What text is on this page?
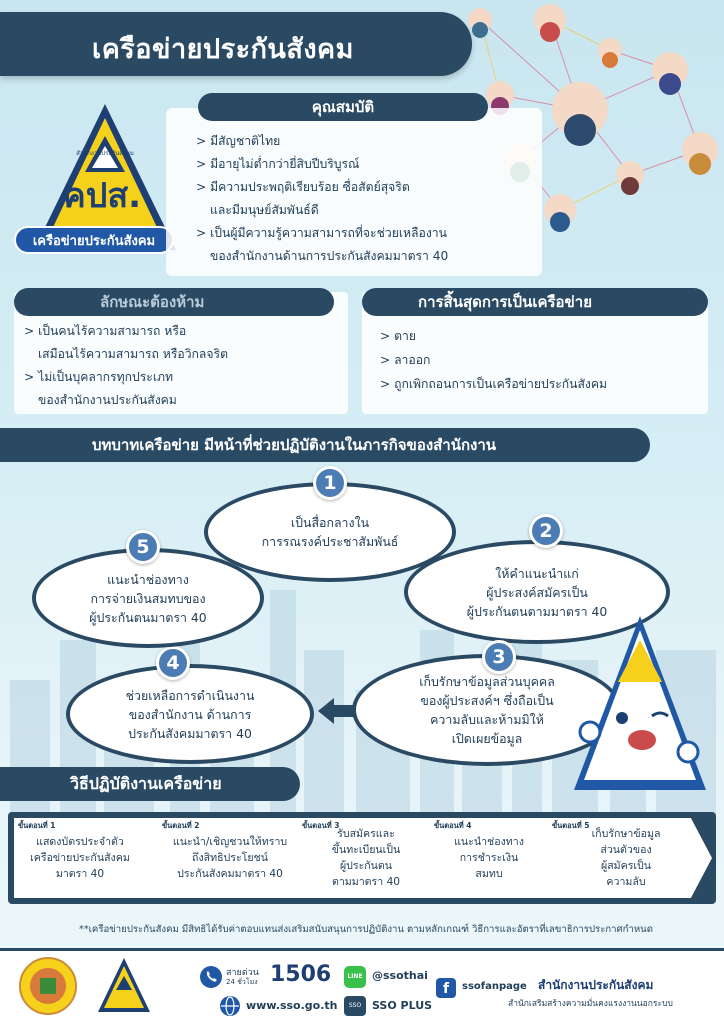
เครือข่ายประกันสังคม
สำนักงานประกันสังคม
คปส.
เครือข่ายประกันสังคม
คุณสมบัติ
> มีสัญชาติไทย
> มีอายุไม่ต่ำกว่ายี่สิบปีบริบูรณ์
> มีความประพฤติเรียบร้อย ซื่อสัตย์สุจริต
และมีมนุษย์สัมพันธ์ดี
> เป็นผู้มีความรู้ความสามารถที่จะช่วยเหลืองาน
ของสำนักงานด้านการประกันสังคมมาตรา 40
ลักษณะต้องห้าม
> เป็นคนไร้ความสามารถ หรือ
เสมือนไร้ความสามารถ หรือวิกลจริต
> ไม่เป็นบุคลากรทุกประเภท
ของสำนักงานประกันสังคม
การสิ้นสุดการเป็นเครือข่าย
> ตาย
> ลาออก
> ถูกเพิกถอนการเป็นเครือข่ายประกันสังคม
บทบาทเครือข่าย มีหน้าที่ช่วยปฏิบัติงานในภารกิจของสำนักงาน
เป็นสื่อกลางใน
การรณรงค์ประชาสัมพันธ์
1
ให้คำแนะนำแก่
ผู้ประสงค์สมัครเป็น
ผู้ประกันตนตามมาตรา 40
2
เก็บรักษาข้อมูลส่วนบุคคล
ของผู้ประสงค์ฯ ซึ่งถือเป็น
ความลับและห้ามมิให้
เปิดเผยข้อมูล
3
ช่วยเหลือการดำเนินงาน
ของสำนักงาน ด้านการ
ประกันสังคมมาตรา 40
4
แนะนำช่องทาง
การจ่ายเงินสมทบของ
ผู้ประกันตนมาตรา 40
5
วิธีปฏิบัติงานเครือข่าย
ขั้นตอนที่ 1	ขั้นตอนที่ 2	ขั้นตอนที่ 3	ขั้นตอนที่ 4	ขั้นตอนที่ 5
แสดงบัตรประจำตัว
เครือข่ายประกันสังคม
มาตรา 40
แนะนำ/เชิญชวนให้ทราบ
ถึงสิทธิประโยชน์
ประกันสังคมมาตรา 40
รับสมัครและ
ขึ้นทะเบียนเป็น
ผู้ประกันตน
ตามมาตรา 40
แนะนำช่องทาง
การชำระเงิน
สมทบ
เก็บรักษาข้อมูล
ส่วนตัวของ
ผู้สมัครเป็น
ความลับ
**เครือข่ายประกันสังคม มีสิทธิได้รับค่าตอบแทนส่งเสริมสนับสนุนการปฏิบัติงาน ตามหลักเกณฑ์ วิธีการและอัตราที่เลขาธิการประกาศกำหนด
สายด่วน
24 ชั่วโมง 1506	LINE @ssothai
www.sso.go.th	SSO SSO PLUS
f	ssofanpage สำนักงานประกันสังคม
สำนักเสริมสร้างความมั่นคงแรงงานนอกระบบ
